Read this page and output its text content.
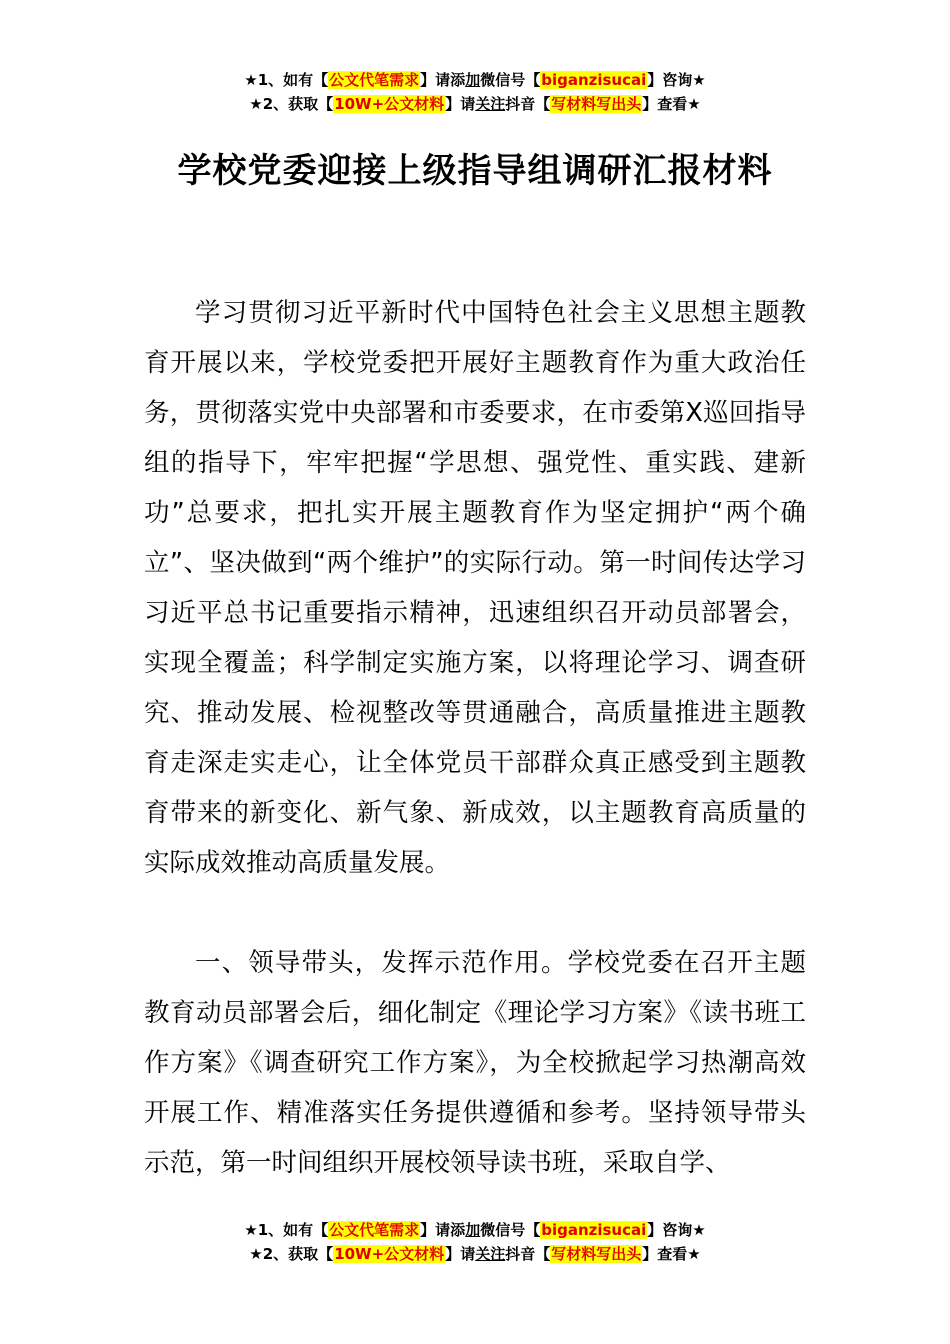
★1、如有【公文代笔需求】请添加微信号【biganzisucai】咨询★
★2、获取【10W+公文材料】请关注抖音【写材料写出头】查看★
学校党委迎接上级指导组调研汇报材料

学习贯彻习近平新时代中国特色社会主义思想主题教育开展以来，学校党委把开展好主题教育作为重大政治任务，贯彻落实党中央部署和市委要求，在市委第Ⅹ巡回指导组的指导下，牢牢把握“学思想、强党性、重实践、建新功”总要求，把扎实开展主题教育作为坚定拥护“两个确立”、坚决做到“两个维护”的实际行动。第一时间传达学习习近平总书记重要指示精神，迅速组织召开动员部署会，实现全覆盖；科学制定实施方案，以将理论学习、调查研究、推动发展、检视整改等贯通融合，高质量推进主题教育走深走实走心，让全体党员干部群众真正感受到主题教育带来的新变化、新气象、新成效，以主题教育高质量的实际成效推动高质量发展。

一、领导带头，发挥示范作用。学校党委在召开主题教育动员部署会后，细化制定《理论学习方案》《读书班工作方案》《调查研究工作方案》，为全校掀起学习热潮高效开展工作、精准落实任务提供遵循和参考。坚持领导带头示范，第一时间组织开展校领导读书班，采取自学、

★1、如有【公文代笔需求】请添加微信号【biganzisucai】咨询★
★2、获取【10W+公文材料】请关注抖音【写材料写出头】查看★
